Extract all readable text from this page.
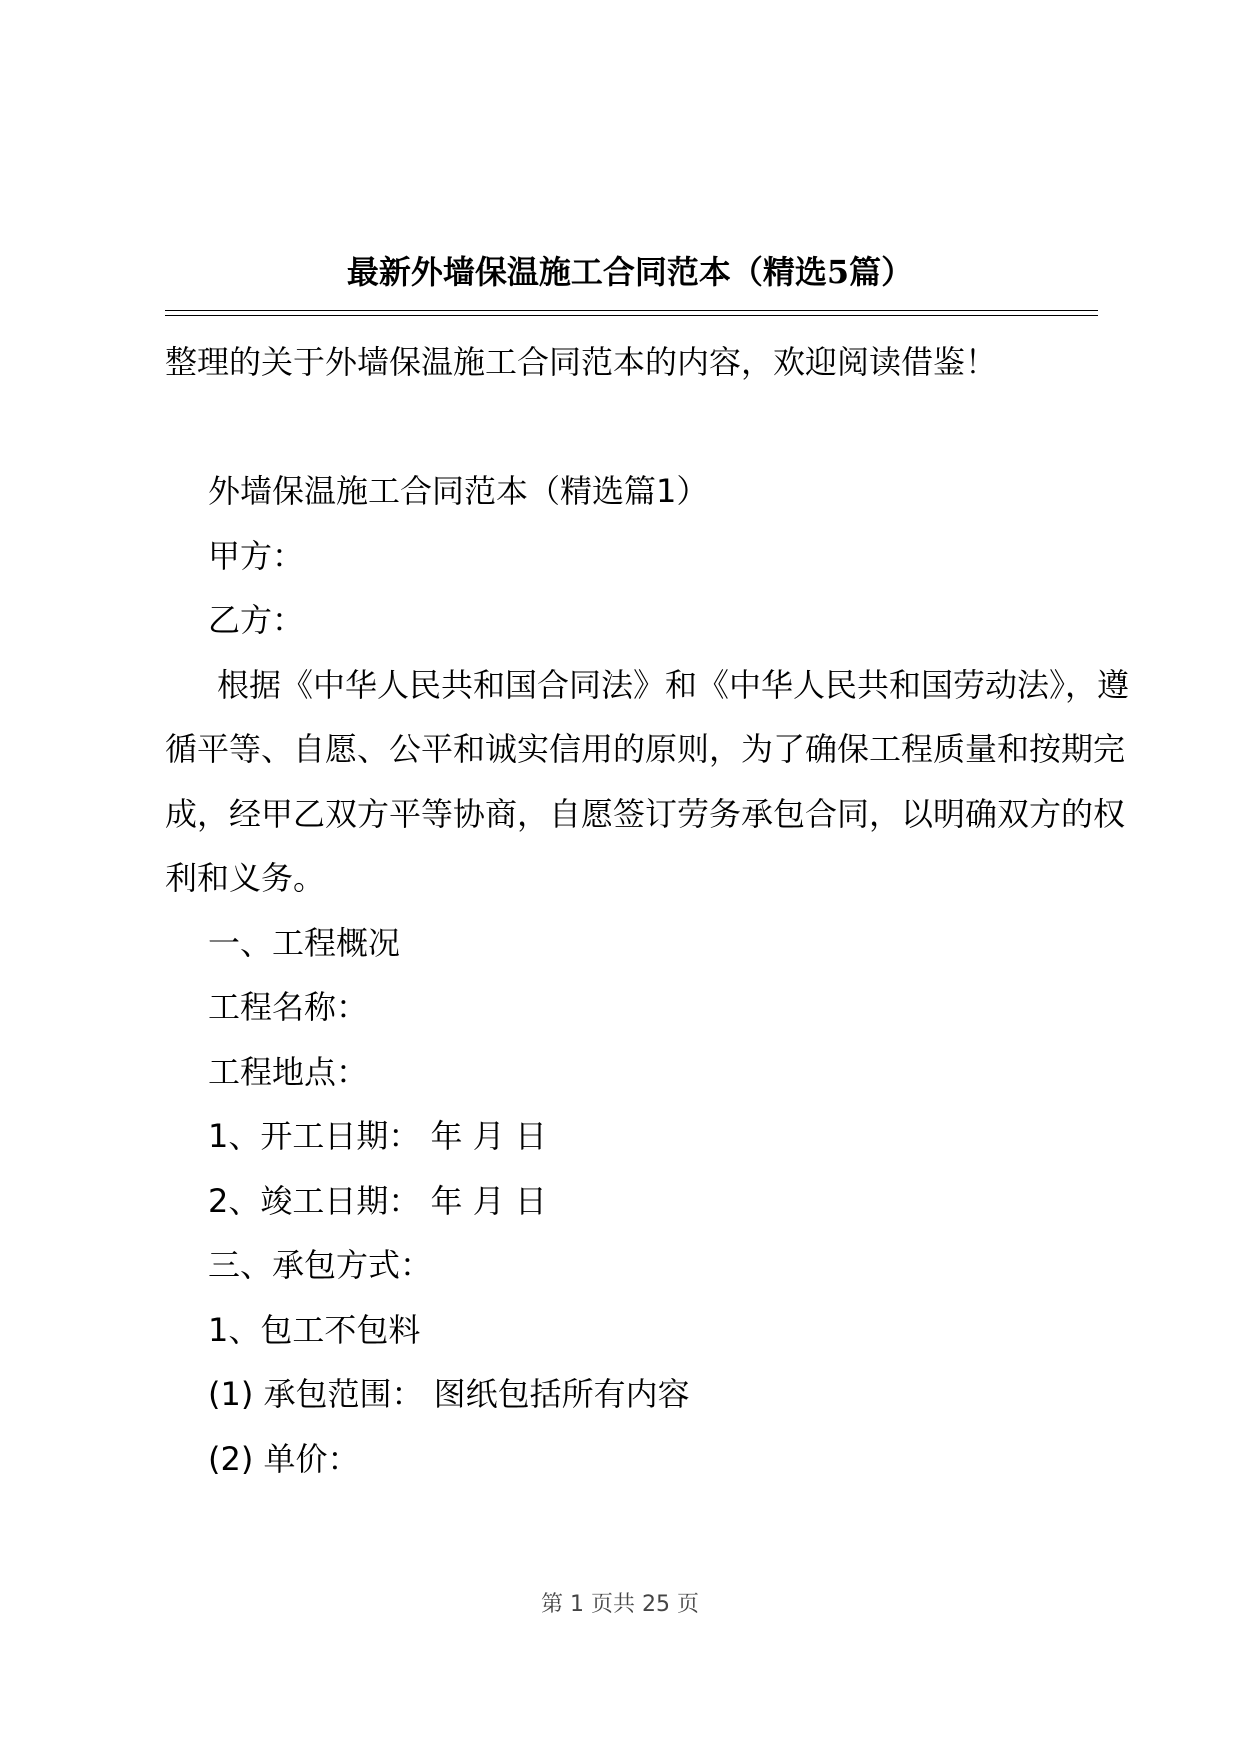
最新外墙保温施工合同范本（精选5篇）

整理的关于外墙保温施工合同范本的内容，欢迎阅读借鉴！

外墙保温施工合同范本（精选篇1）

甲方：

乙方：

根据《中华人民共和国合同法》和《中华人民共和国劳动法》，遵循平等、自愿、公平和诚实信用的原则，为了确保工程质量和按期完成，经甲乙双方平等协商，自愿签订劳务承包合同，以明确双方的权利和义务。

一、工程概况

工程名称：

工程地点：

1、开工日期： 年 月 日

2、竣工日期： 年 月 日

三、承包方式：

1、包工不包料

(1) 承包范围： 图纸包括所有内容

(2) 单价：

第 1 页共 25 页
